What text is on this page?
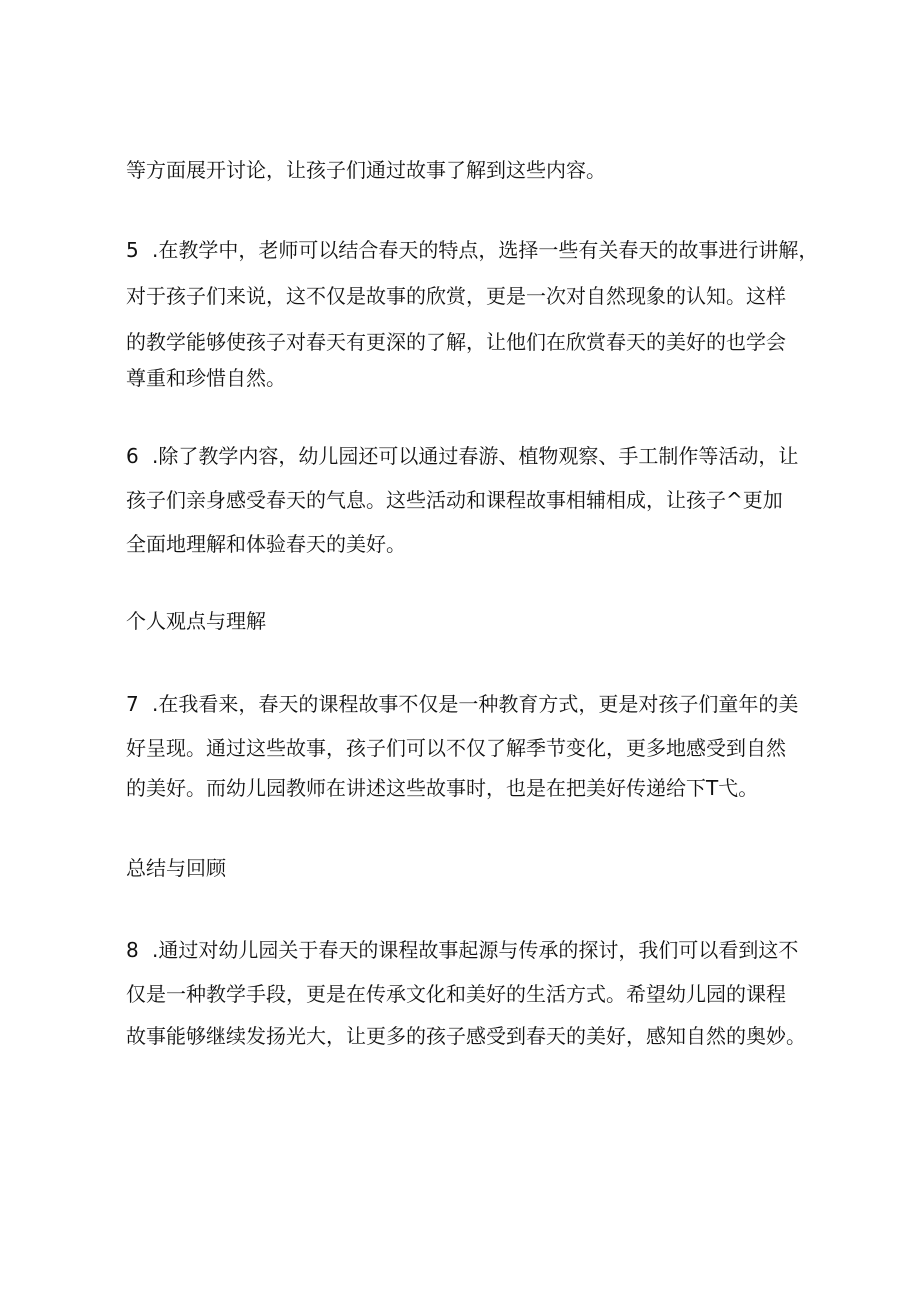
等方面展开讨论，让孩子们通过故事了解到这些内容。
5 .在教学中，老师可以结合春天的特点，选择一些有关春天的故事进行讲解，
对于孩子们来说，这不仅是故事的欣赏，更是一次对自然现象的认知。这样
的教学能够使孩子对春天有更深的了解，让他们在欣赏春天的美好的也学会
尊重和珍惜自然。
6 .除了教学内容，幼儿园还可以通过春游、植物观察、手工制作等活动，让
孩子们亲身感受春天的气息。这些活动和课程故事相辅相成，让孩子^更加
全面地理解和体验春天的美好。
个人观点与理解
7 .在我看来，春天的课程故事不仅是一种教育方式，更是对孩子们童年的美
好呈现。通过这些故事，孩子们可以不仅了解季节变化，更多地感受到自然
的美好。而幼儿园教师在讲述这些故事时，也是在把美好传递给下T弋。
总结与回顾
8 .通过对幼儿园关于春天的课程故事起源与传承的探讨，我们可以看到这不
仅是一种教学手段，更是在传承文化和美好的生活方式。希望幼儿园的课程
故事能够继续发扬光大，让更多的孩子感受到春天的美好，感知自然的奥妙。
